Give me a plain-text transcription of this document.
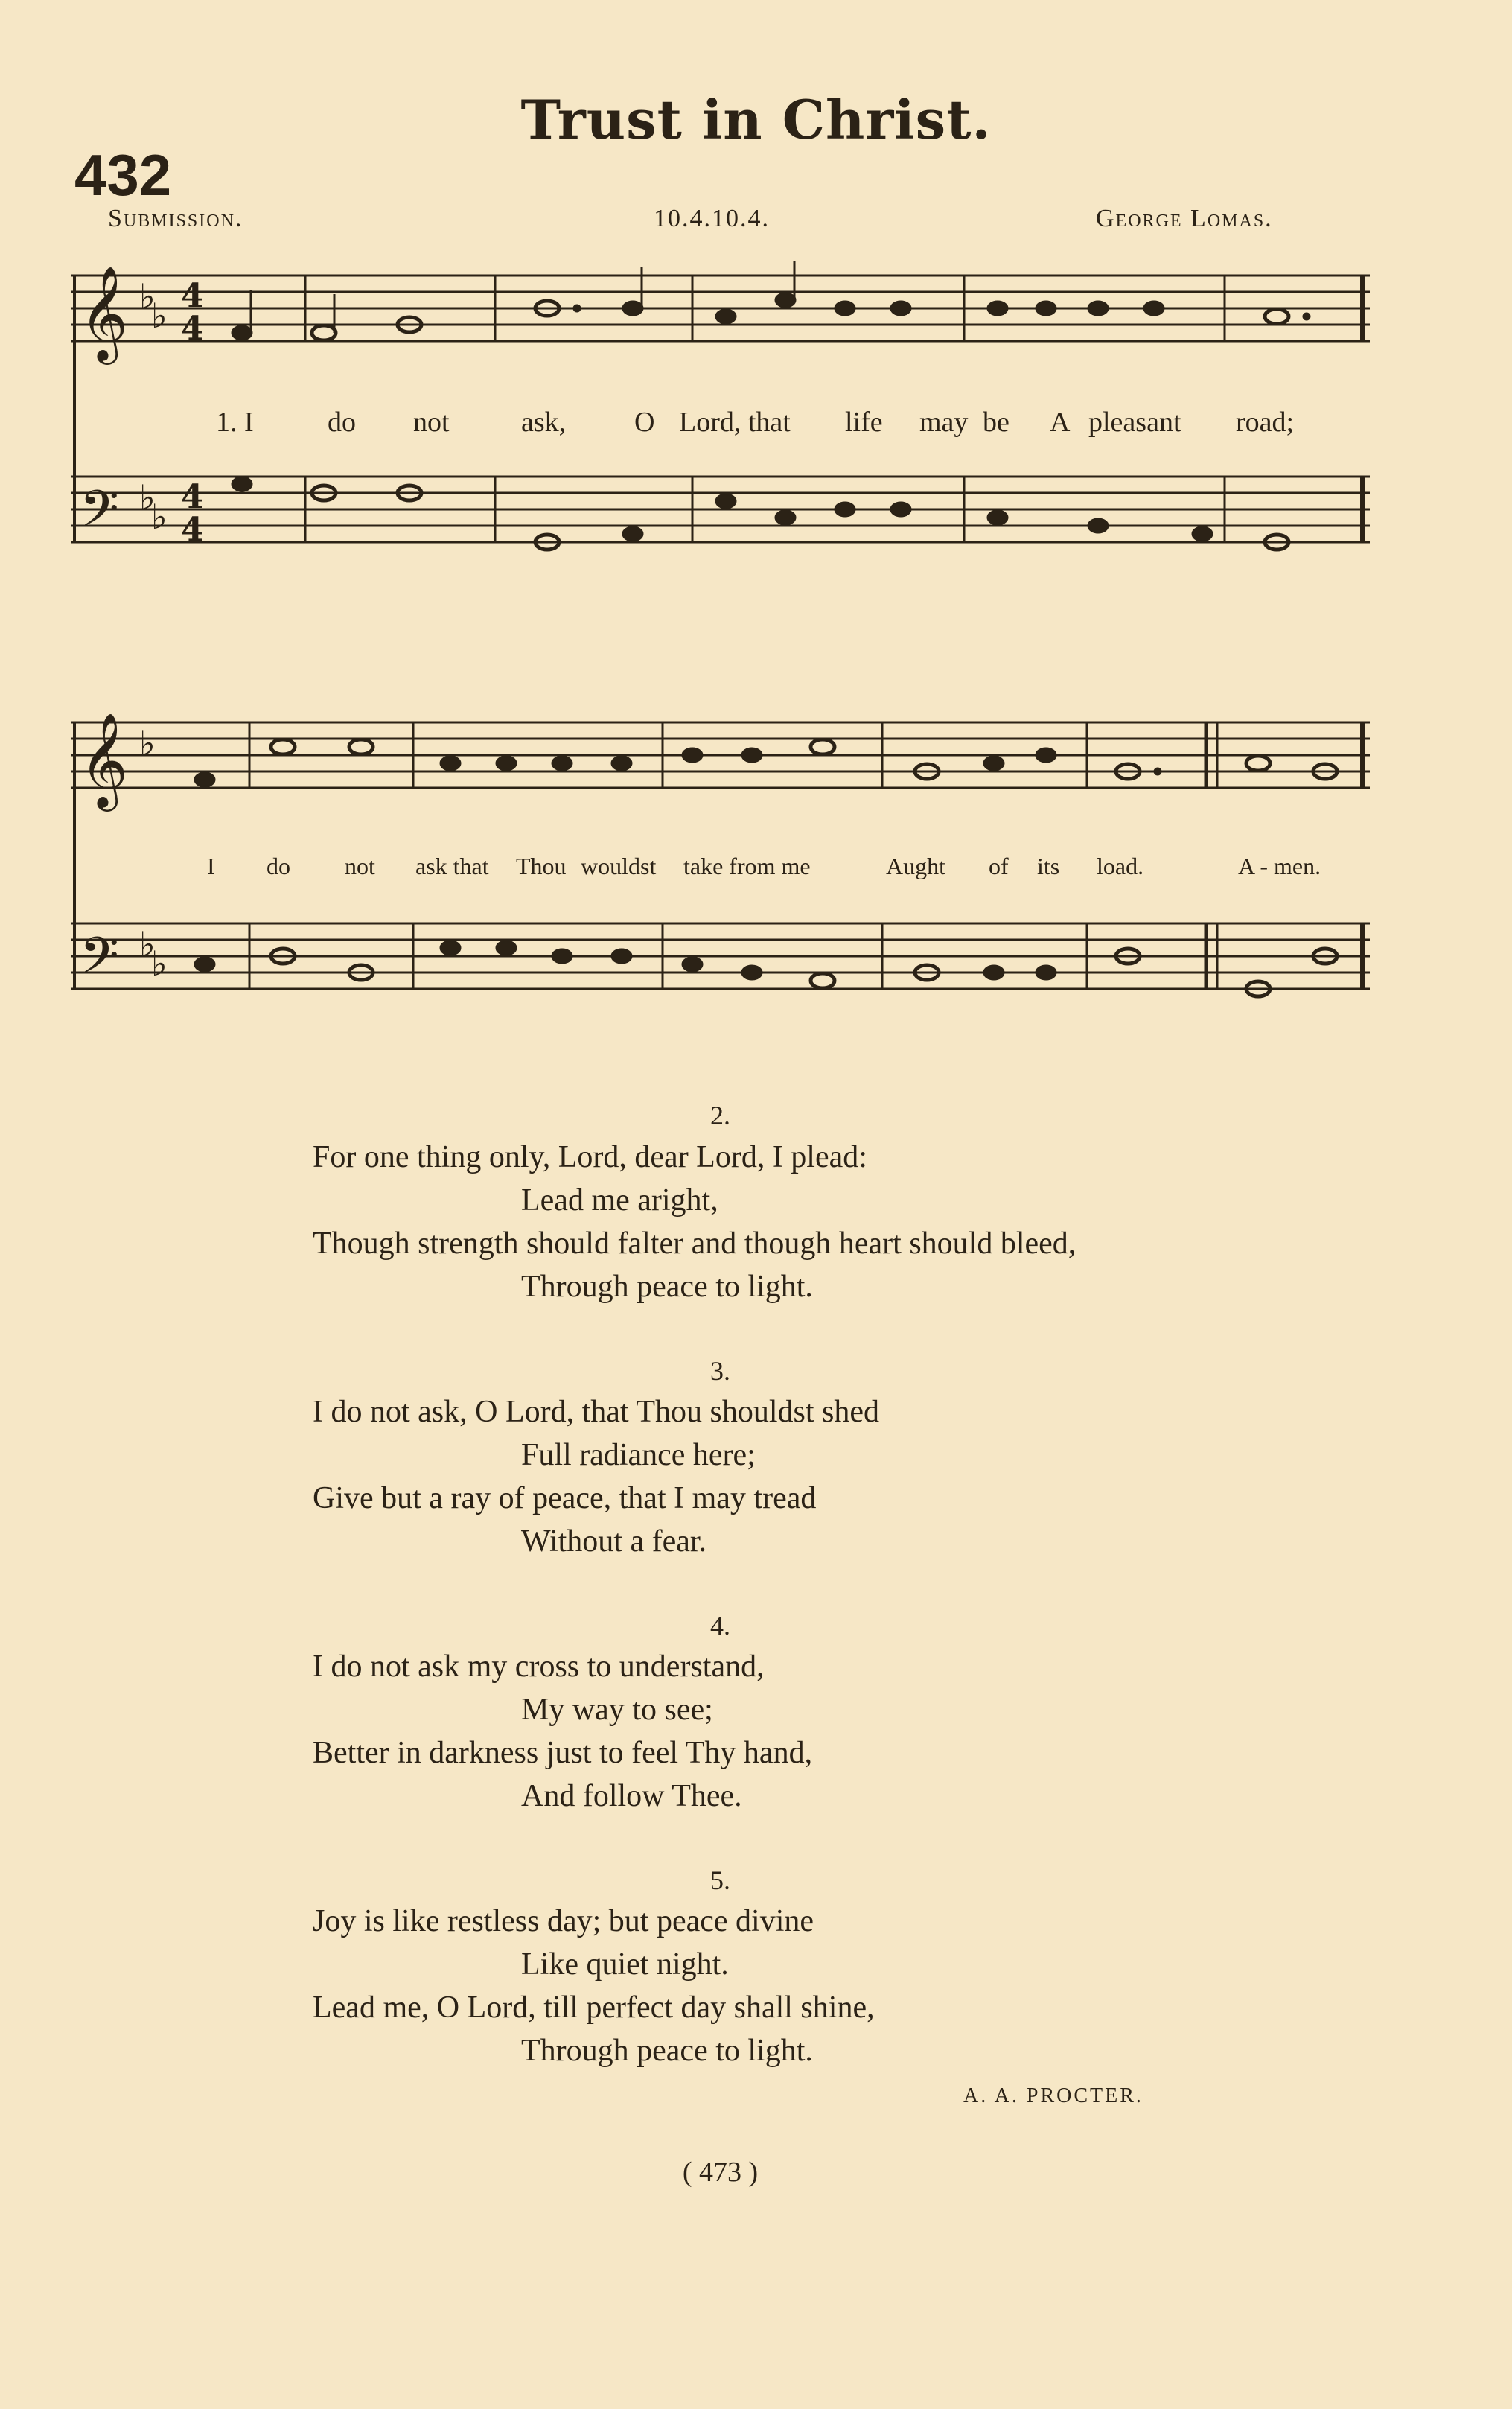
Trust in Christ.
432
Submission.	10.4.10.4.	George Lomas.
𝄞
𝄢
♭
♭
♭
♭
4
4
4
4
1. I	do not	ask, O Lord, that life may be A pleasant road;
𝄞
𝄢
♭
♭
♭
I do not ask that Thou wouldst take from me	Aught of its load.	A - men.
2.
For one thing only, Lord, dear Lord, I plead:
Lead me aright,
Though strength should falter and though heart should bleed,
Through peace to light.
3.
I do not ask, O Lord, that Thou shouldst shed
Full radiance here;
Give but a ray of peace, that I may tread
Without a fear.
4.
I do not ask my cross to understand,
My way to see;
Better in darkness just to feel Thy hand,
And follow Thee.
5.
Joy is like restless day; but peace divine
Like quiet night.
Lead me, O Lord, till perfect day shall shine,
Through peace to light.
A. A. PROCTER.
( 473 )
